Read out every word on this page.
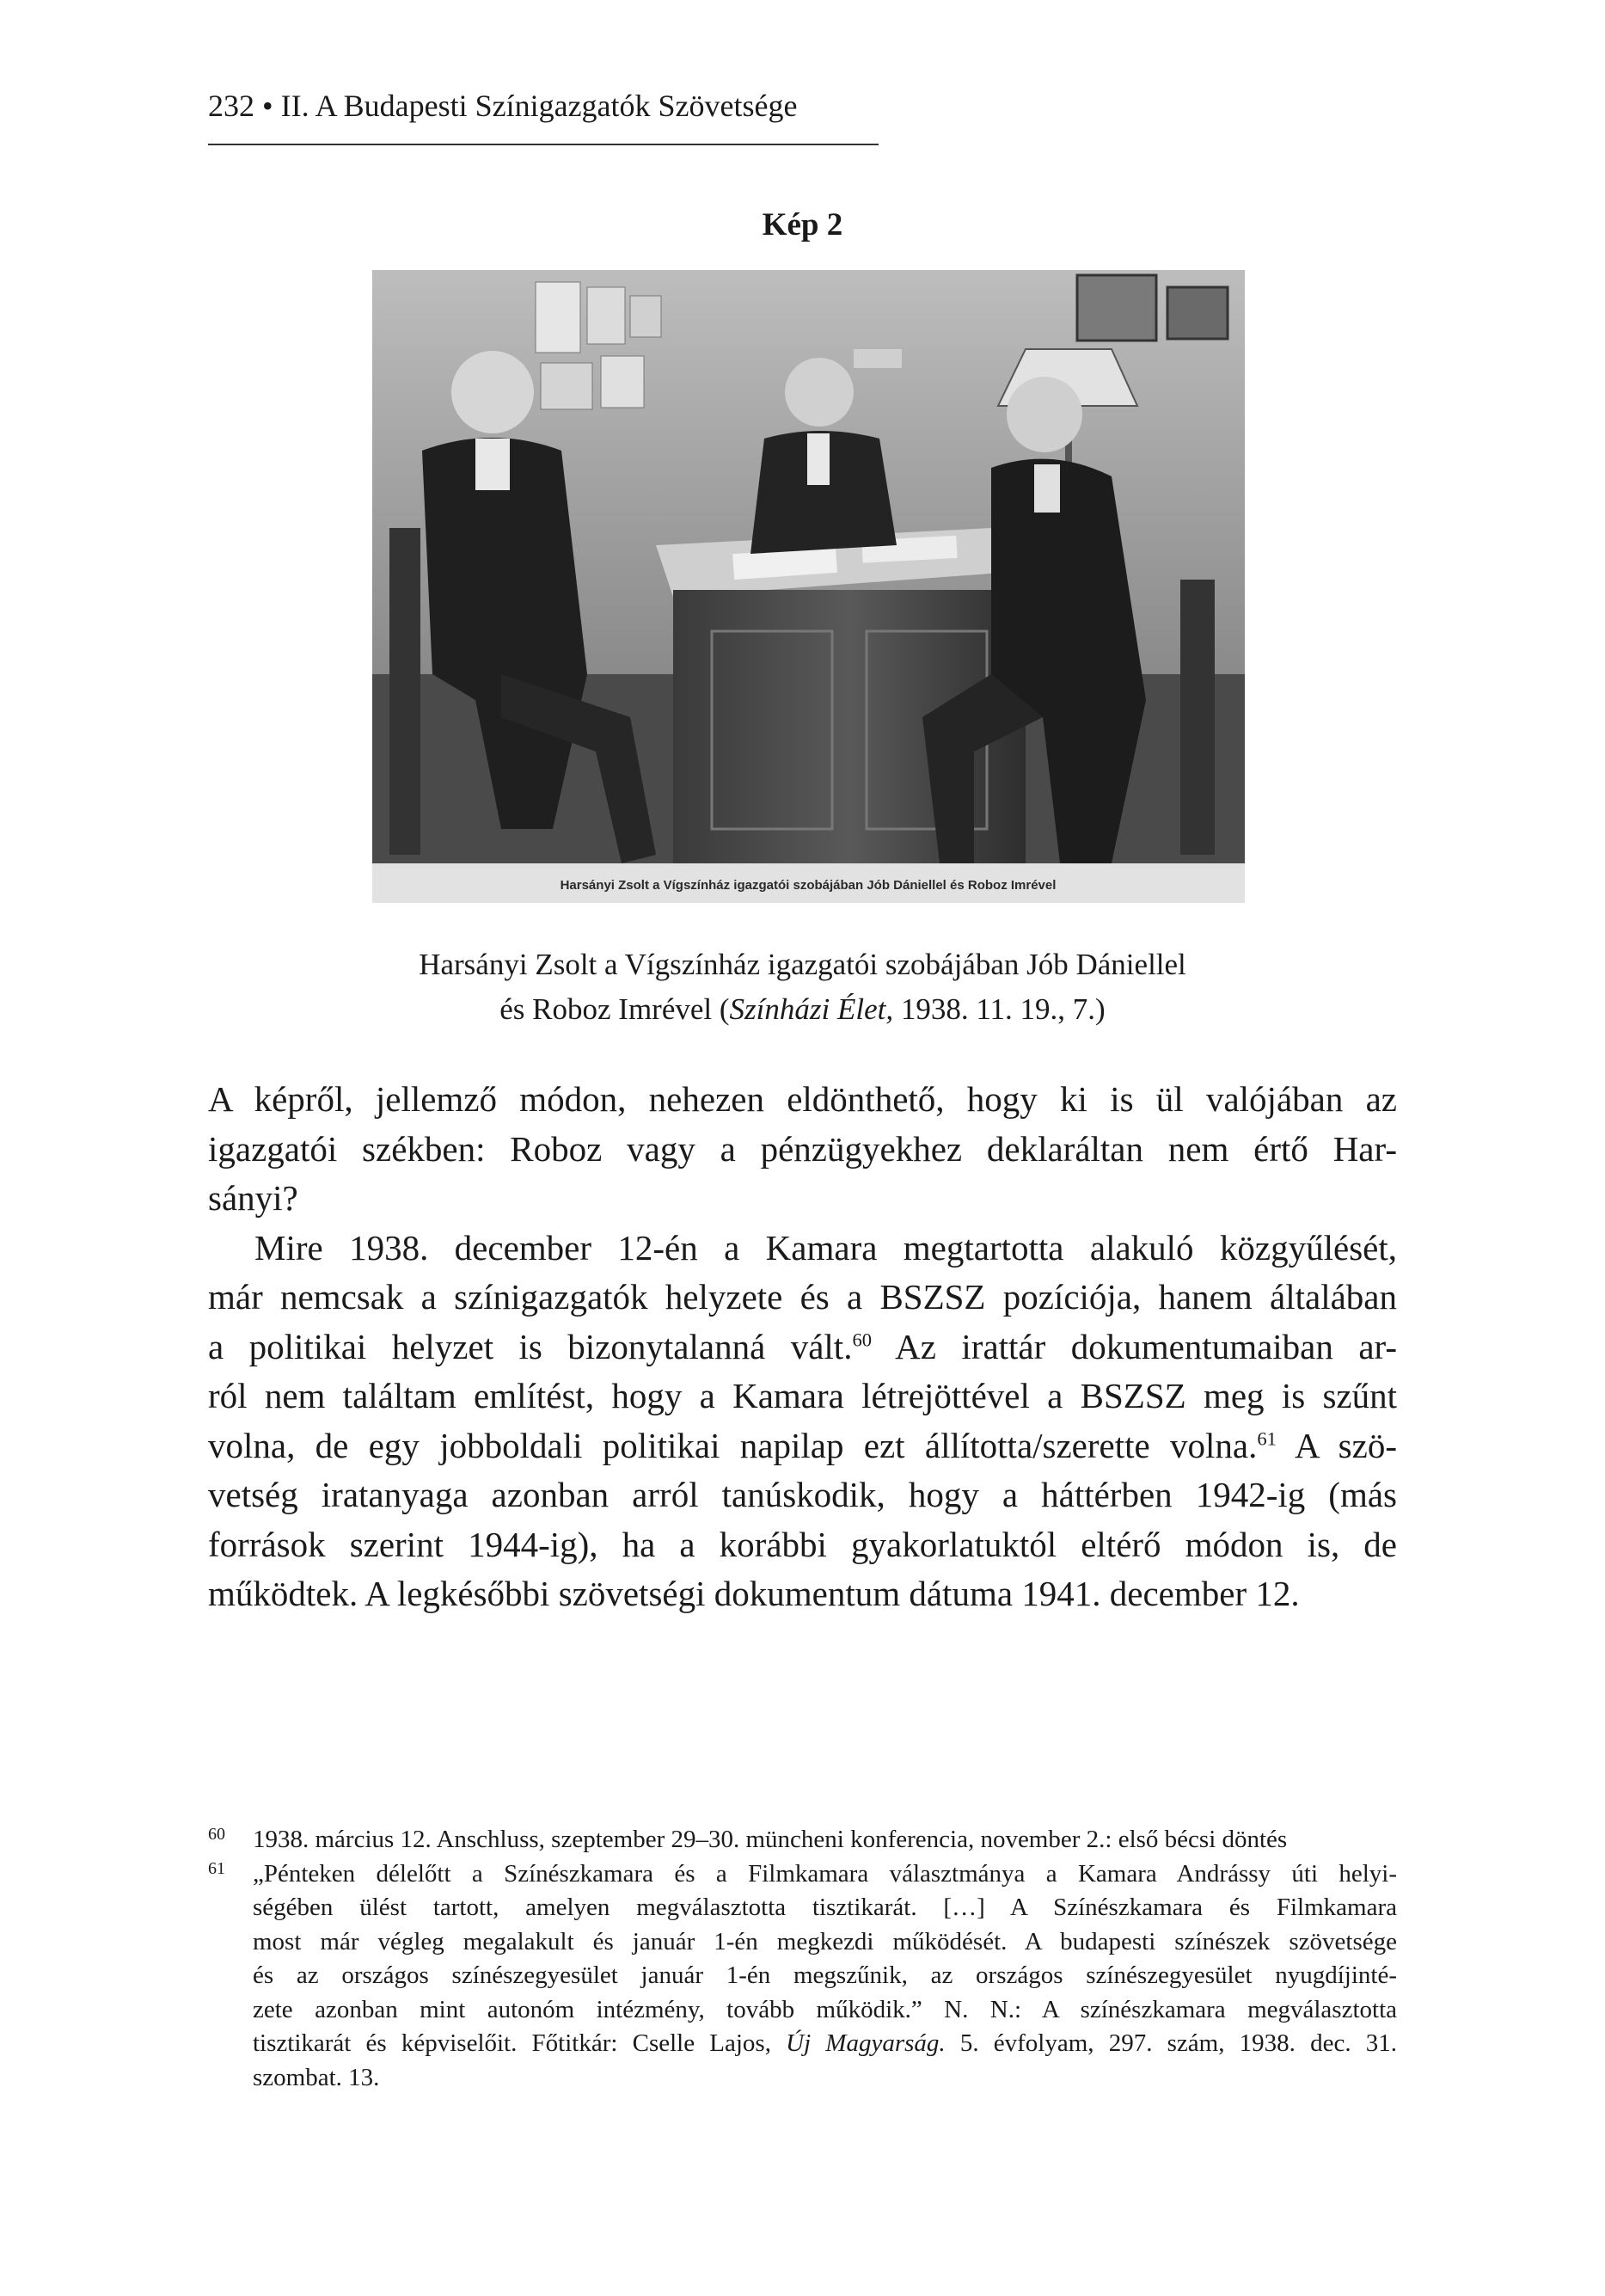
232 • II. A Budapesti Színigazgatók Szövetsége
Kép 2
Harsányi Zsolt a Vígszínház igazgatói szobájában Jób Dániellel és Roboz Imrével
Harsányi Zsolt a Vígszínház igazgatói szobájában Jób Dániellel
és Roboz Imrével (Színházi Élet, 1938. 11. 19., 7.)

A képről, jellemző módon, nehezen eldönthető, hogy ki is ül valójában az
igazgatói székben: Roboz vagy a pénzügyekhez deklaráltan nem értő Har-
sányi?

Mire 1938. december 12-én a Kamara megtartotta alakuló közgyűlését,
már nemcsak a színigazgatók helyzete és a BSZSZ pozíciója, hanem általában
a politikai helyzet is bizonytalanná vált.$^{60}$ Az irattár dokumentumaiban ar-
ról nem találtam említést, hogy a Kamara létrejöttével a BSZSZ meg is szűnt
volna, de egy jobboldali politikai napilap ezt állította/szerette volna.$^{61}$ A szö-
vetség iratanyaga azonban arról tanúskodik, hogy a háttérben 1942-ig (más
források szerint 1944-ig), ha a korábbi gyakorlatuktól eltérő módon is, de
működtek. A legkésőbbi szövetségi dokumentum dátuma 1941. december 12.

60 1938. március 12. Anschluss, szeptember 29–30. müncheni konferencia, november 2.: első bécsi döntés
61 „Pénteken délelőtt a Színészkamara és a Filmkamara választmánya a Kamara Andrássy úti helyi-
ségében ülést tartott, amelyen megválasztotta tisztikarát. […] A Színészkamara és Filmkamara
most már végleg megalakult és január 1-én megkezdi működését. A budapesti színészek szövetsége
és az országos színészegyesület január 1-én megszűnik, az országos színészegyesület nyugdíjinté-
zete azonban mint autonóm intézmény, tovább működik.” N. N.: A színészkamara megválasztotta
tisztikarát és képviselőit. Főtitkár: Cselle Lajos, Új Magyarság. 5. évfolyam, 297. szám, 1938. dec. 31.
szombat. 13.
